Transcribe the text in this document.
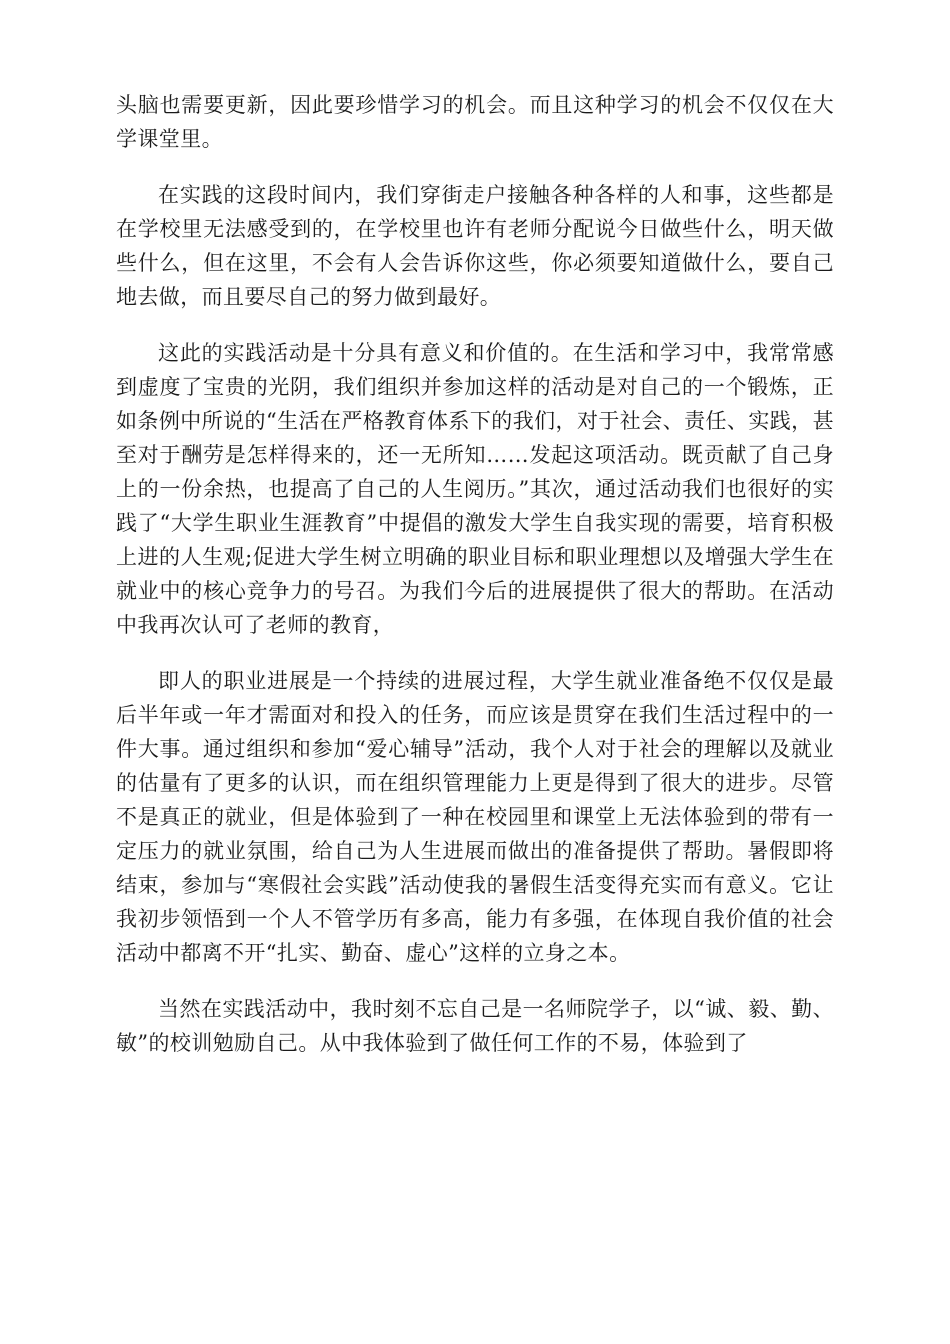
头脑也需要更新，因此要珍惜学习的机会。而且这种学习的机会不仅仅在大学课堂里。

在实践的这段时间内，我们穿街走户接触各种各样的人和事，这些都是在学校里无法感受到的，在学校里也许有老师分配说今日做些什么，明天做些什么，但在这里，不会有人会告诉你这些，你必须要知道做什么，要自己地去做，而且要尽自己的努力做到最好。

这此的实践活动是十分具有意义和价值的。在生活和学习中，我常常感到虚度了宝贵的光阴，我们组织并参加这样的活动是对自己的一个锻炼，正如条例中所说的“生活在严格教育体系下的我们，对于社会、责任、实践，甚至对于酬劳是怎样得来的，还一无所知……发起这项活动。既贡献了自己身上的一份余热，也提高了自己的人生阅历。”其次，通过活动我们也很好的实践了“大学生职业生涯教育”中提倡的激发大学生自我实现的需要，培育积极上进的人生观;促进大学生树立明确的职业目标和职业理想以及增强大学生在就业中的核心竞争力的号召。为我们今后的进展提供了很大的帮助。在活动中我再次认可了老师的教育，

即人的职业进展是一个持续的进展过程，大学生就业准备绝不仅仅是最后半年或一年才需面对和投入的任务，而应该是贯穿在我们生活过程中的一件大事。通过组织和参加“爱心辅导”活动，我个人对于社会的理解以及就业的估量有了更多的认识，而在组织管理能力上更是得到了很大的进步。尽管不是真正的就业，但是体验到了一种在校园里和课堂上无法体验到的带有一定压力的就业氛围，给自己为人生进展而做出的准备提供了帮助。暑假即将结束，参加与“寒假社会实践”活动使我的暑假生活变得充实而有意义。它让我初步领悟到一个人不管学历有多高，能力有多强，在体现自我价值的社会活动中都离不开“扎实、勤奋、虚心”这样的立身之本。

当然在实践活动中，我时刻不忘自己是一名师院学子，以“诚、毅、勤、敏”的校训勉励自己。从中我体验到了做任何工作的不易，体验到了
